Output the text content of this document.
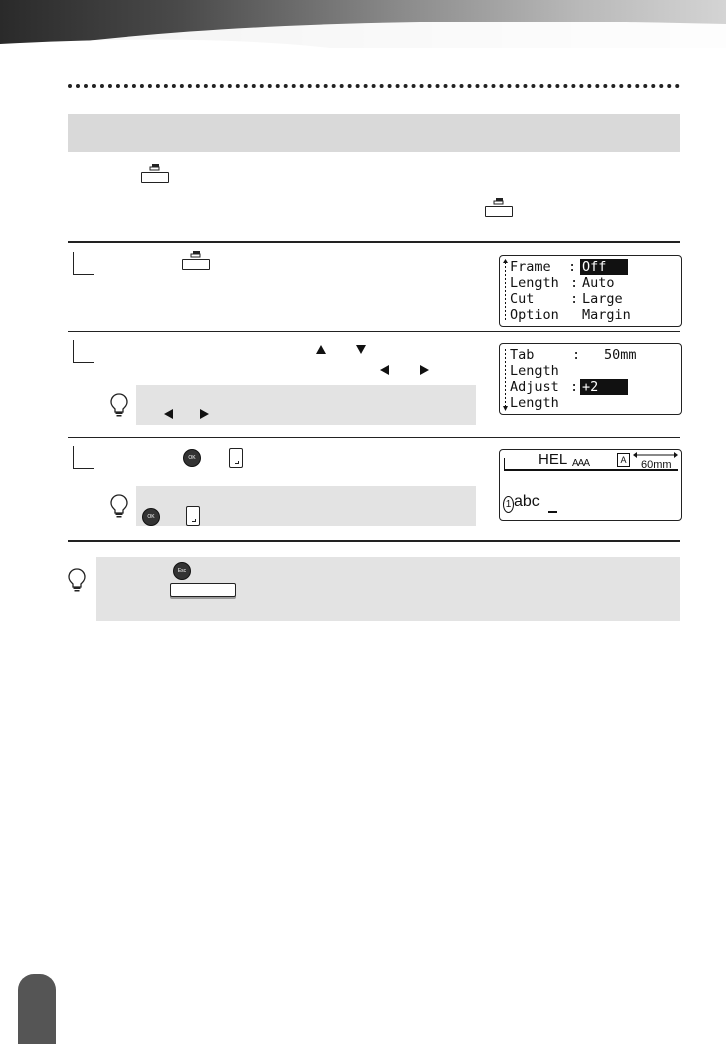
Frame : Off
Length : Auto
Cut	: Large
Option Margin
Tab	: 50mm
Length
Adjust : +2
Length
OK
OK
HEL AAA	A	60mm
1 abc
Esc
